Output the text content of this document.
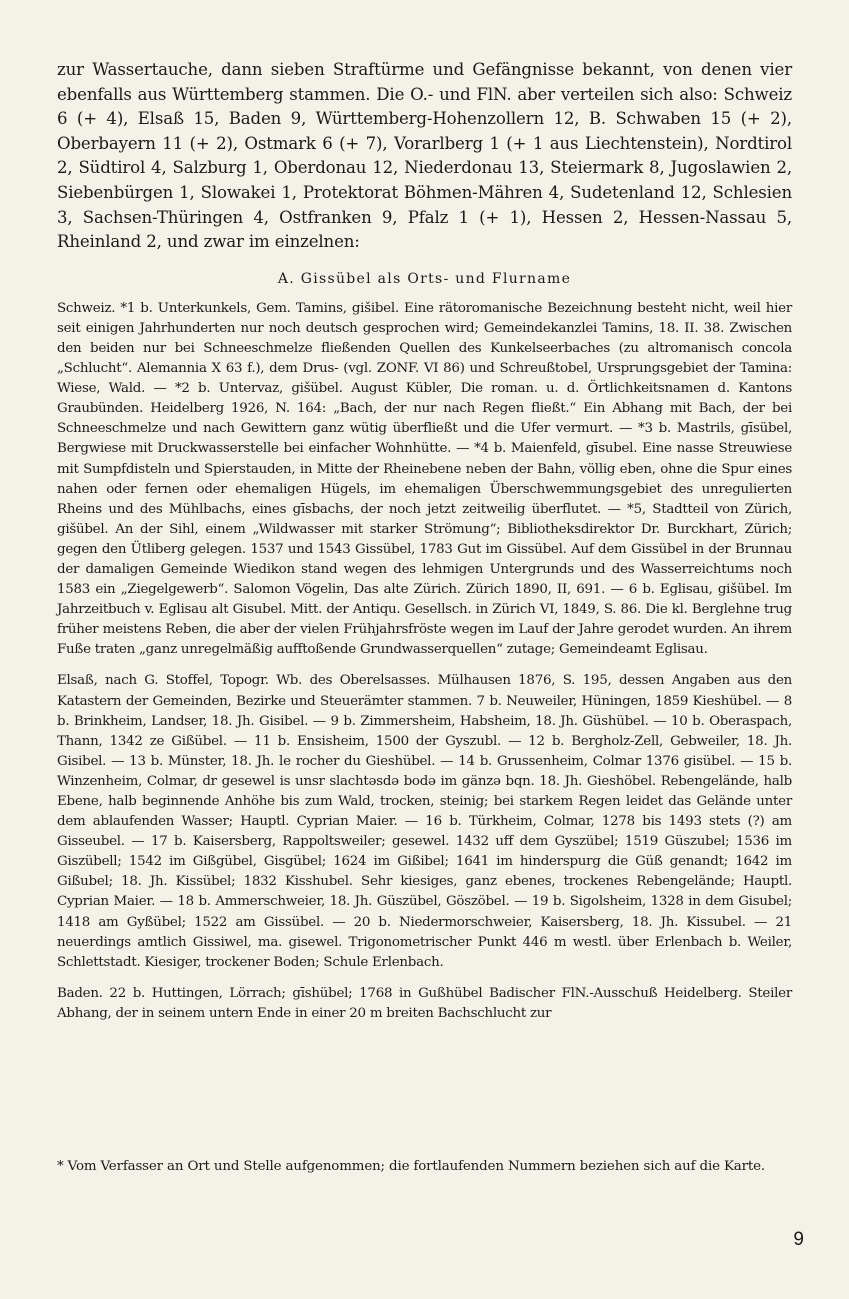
zur Wassertauche, dann sieben Straftürme und Gefängnisse bekannt, von denen vier ebenfalls aus Württemberg stammen. Die O.- und FlN. aber verteilen sich also: Schweiz 6 (+ 4), Elsaß 15, Baden 9, Württemberg-Hohenzollern 12, B. Schwaben 15 (+ 2), Oberbayern 11 (+ 2), Ostmark 6 (+ 7), Vorarlberg 1 (+ 1 aus Liechtenstein), Nordtirol 2, Südtirol 4, Salzburg 1, Oberdonau 12, Niederdonau 13, Steiermark 8, Jugoslawien 2, Siebenbürgen 1, Slowakei 1, Protektorat Böhmen-Mähren 4, Sudetenland 12, Schlesien 3, Sachsen-Thüringen 4, Ostfranken 9, Pfalz 1 (+ 1), Hessen 2, Hessen-Nassau 5, Rheinland 2, und zwar im einzelnen:

A. Gissübel als Orts- und Flurname

Schweiz. *1 b. Unterkunkels, Gem. Tamins, gišibel. Eine rätoromanische Bezeichnung besteht nicht, weil hier seit einigen Jahrhunderten nur noch deutsch gesprochen wird; Gemeindekanzlei Tamins, 18. II. 38. Zwischen den beiden nur bei Schneeschmelze fließenden Quellen des Kunkelseerbaches (zu altromanisch concola „Schlucht“. Alemannia X 63 f.), dem Drus- (vgl. ZONF. VI 86) und Schreußtobel, Ursprungsgebiet der Tamina: Wiese, Wald. — *2 b. Untervaz, gišübel. August Kübler, Die roman. u. d. Örtlichkeitsnamen d. Kantons Graubünden. Heidelberg 1926, N. 164: „Bach, der nur nach Regen fließt.“ Ein Abhang mit Bach, der bei Schneeschmelze und nach Gewittern ganz wütig überfließt und die Ufer vermurt. — *3 b. Mastrils, gīsübel, Bergwiese mit Druckwasserstelle bei einfacher Wohnhütte. — *4 b. Maienfeld, gīsubel. Eine nasse Streuwiese mit Sumpfdisteln und Spierstauden, in Mitte der Rheinebene neben der Bahn, völlig eben, ohne die Spur eines nahen oder fernen oder ehemaligen Hügels, im ehemaligen Überschwemmungsgebiet des unregulierten Rheins und des Mühlbachs, eines gīsbachs, der noch jetzt zeitweilig überflutet. — *5, Stadtteil von Zürich, gišübel. An der Sihl, einem „Wildwasser mit starker Strömung“; Bibliotheksdirektor Dr. Burckhart, Zürich; gegen den Ütliberg gelegen. 1537 und 1543 Gissübel, 1783 Gut im Gissübel. Auf dem Gissübel in der Brunnau der damaligen Gemeinde Wiedikon stand wegen des lehmigen Untergrunds und des Wasserreichtums noch 1583 ein „Ziegelgewerb“. Salomon Vögelin, Das alte Zürich. Zürich 1890, II, 691. — 6 b. Eglisau, gišübel. Im Jahrzeitbuch v. Eglisau alt Gisubel. Mitt. der Antiqu. Gesellsch. in Zürich VI, 1849, S. 86. Die kl. Berglehne trug früher meistens Reben, die aber der vielen Frühjahrsfröste wegen im Lauf der Jahre gerodet wurden. An ihrem Fuße traten „ganz unregelmäßig aufftoßende Grundwasserquellen“ zutage; Gemeindeamt Eglisau.

Elsaß, nach G. Stoffel, Topogr. Wb. des Oberelsasses. Mülhausen 1876, S. 195, dessen Angaben aus den Katastern der Gemeinden, Bezirke und Steuerämter stammen. 7 b. Neuweiler, Hüningen, 1859 Kieshübel. — 8 b. Brinkheim, Landser, 18. Jh. Gisibel. — 9 b. Zimmersheim, Habsheim, 18. Jh. Güshübel. — 10 b. Oberaspach, Thann, 1342 ze Gißübel. — 11 b. Ensisheim, 1500 der Gyszubl. — 12 b. Bergholz-Zell, Gebweiler, 18. Jh. Gisibel. — 13 b. Münster, 18. Jh. le rocher du Gieshübel. — 14 b. Grussenheim, Colmar 1376 gisübel. — 15 b. Winzenheim, Colmar, dr gesewel is unsr slachtəsdə bodə im gänzə bqn. 18. Jh. Gieshöbel. Rebengelände, halb Ebene, halb beginnende Anhöhe bis zum Wald, trocken, steinig; bei starkem Regen leidet das Gelände unter dem ablaufenden Wasser; Hauptl. Cyprian Maier. — 16 b. Türkheim, Colmar, 1278 bis 1493 stets (?) am Gisseubel. — 17 b. Kaisersberg, Rappoltsweiler; gesewel. 1432 uff dem Gyszübel; 1519 Güszubel; 1536 im Giszübell; 1542 im Gißgübel, Gisgübel; 1624 im Gißibel; 1641 im hinderspurg die Güß genandt; 1642 im Gißubel; 18. Jh. Kissübel; 1832 Kisshubel. Sehr kiesiges, ganz ebenes, trockenes Rebengelände; Hauptl. Cyprian Maier. — 18 b. Ammerschweier, 18. Jh. Güszübel, Göszöbel. — 19 b. Sigolsheim, 1328 in dem Gisubel; 1418 am Gyßübel; 1522 am Gissübel. — 20 b. Niedermorschweier, Kaisersberg, 18. Jh. Kissubel. — 21 neuerdings amtlich Gissiwel, ma. gisewel. Trigonometrischer Punkt 446 m westl. über Erlenbach b. Weiler, Schlettstadt. Kiesiger, trockener Boden; Schule Erlenbach.

Baden. 22 b. Huttingen, Lörrach; gīshübel; 1768 in Gußhübel Badischer FlN.-Ausschuß Heidelberg. Steiler Abhang, der in seinem untern Ende in einer 20 m breiten Bachschlucht zur

* Vom Verfasser an Ort und Stelle aufgenommen; die fortlaufenden Nummern beziehen sich auf die Karte.
9
